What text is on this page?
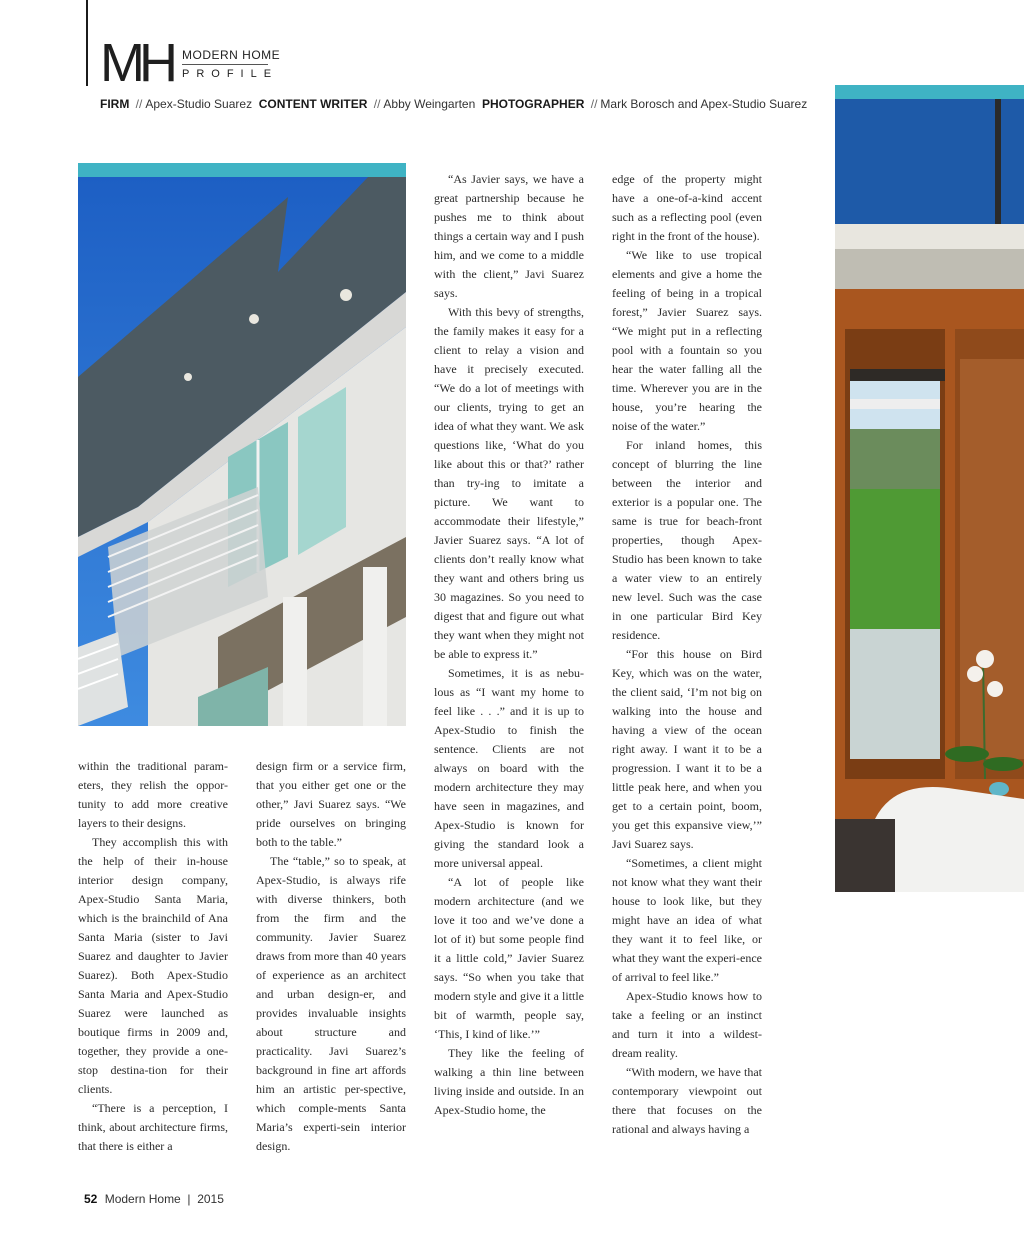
MH MODERN HOME
PROFILE
FIRM // Apex-Studio Suarez CONTENT WRITER // Abby Weingarten PHOTOGRAPHER // Mark Borosch and Apex-Studio Suarez

within the traditional param-eters, they relish the oppor-tunity to add more creative layers to their designs.

They accomplish this with the help of their in-house interior design company, Apex-Studio Santa Maria, which is the brainchild of Ana Santa Maria (sister to Javi Suarez and daughter to Javier Suarez). Both Apex-Studio Santa Maria and Apex-Studio Suarez were launched as boutique firms in 2009 and, together, they provide a one-stop destina-tion for their clients.

“There is a perception, I think, about architecture firms, that there is either a

design firm or a service firm, that you either get one or the other,” Javi Suarez says. “We pride ourselves on bringing both to the table.”

The “table,” so to speak, at Apex-Studio, is always rife with diverse thinkers, both from the firm and the community. Javier Suarez draws from more than 40 years of experience as an architect and urban design-er, and provides invaluable insights about structure and practicality. Javi Suarez’s background in fine art affords him an artistic per-spective, which comple-ments Santa Maria’s experti-sein interior design.

“As Javier says, we have a great partnership because he pushes me to think about things a certain way and I push him, and we come to a middle with the client,” Javi Suarez says.

With this bevy of strengths, the family makes it easy for a client to relay a vision and have it precisely executed. “We do a lot of meetings with our clients, trying to get an idea of what they want. We ask questions like, ‘What do you like about this or that?’ rather than try-ing to imitate a picture. We want to accommodate their lifestyle,” Javier Suarez says. “A lot of clients don’t really know what they want and others bring us 30 magazines. So you need to digest that and figure out what they want when they might not be able to express it.”

Sometimes, it is as nebu-lous as “I want my home to feel like . . .” and it is up to Apex-Studio to finish the sentence. Clients are not always on board with the modern architecture they may have seen in magazines, and Apex-Studio is known for giving the standard look a more universal appeal.

“A lot of people like modern architecture (and we love it too and we’ve done a lot of it) but some people find it a little cold,” Javier Suarez says. “So when you take that modern style and give it a little bit of warmth, people say, ‘This, I kind of like.’”

They like the feeling of walking a thin line between living inside and outside. In an Apex-Studio home, the

edge of the property might have a one-of-a-kind accent such as a reflecting pool (even right in the front of the house).

“We like to use tropical elements and give a home the feeling of being in a tropical forest,” Javier Suarez says. “We might put in a reflecting pool with a fountain so you hear the water falling all the time. Wherever you are in the house, you’re hearing the noise of the water.”

For inland homes, this concept of blurring the line between the interior and exterior is a popular one. The same is true for beach-front properties, though Apex-Studio has been known to take a water view to an entirely new level. Such was the case in one particular Bird Key residence.

“For this house on Bird Key, which was on the water, the client said, ‘I’m not big on walking into the house and having a view of the ocean right away. I want it to be a progression. I want it to be a little peak here, and when you get to a certain point, boom, you get this expansive view,’” Javi Suarez says.

“Sometimes, a client might not know what they want their house to look like, but they might have an idea of what they want it to feel like, or what they want the experi-ence of arrival to feel like.”

Apex-Studio knows how to take a feeling or an instinct and turn it into a wildest-dream reality.

“With modern, we have that contemporary viewpoint out there that focuses on the rational and always having a

52 Modern Home | 2015
